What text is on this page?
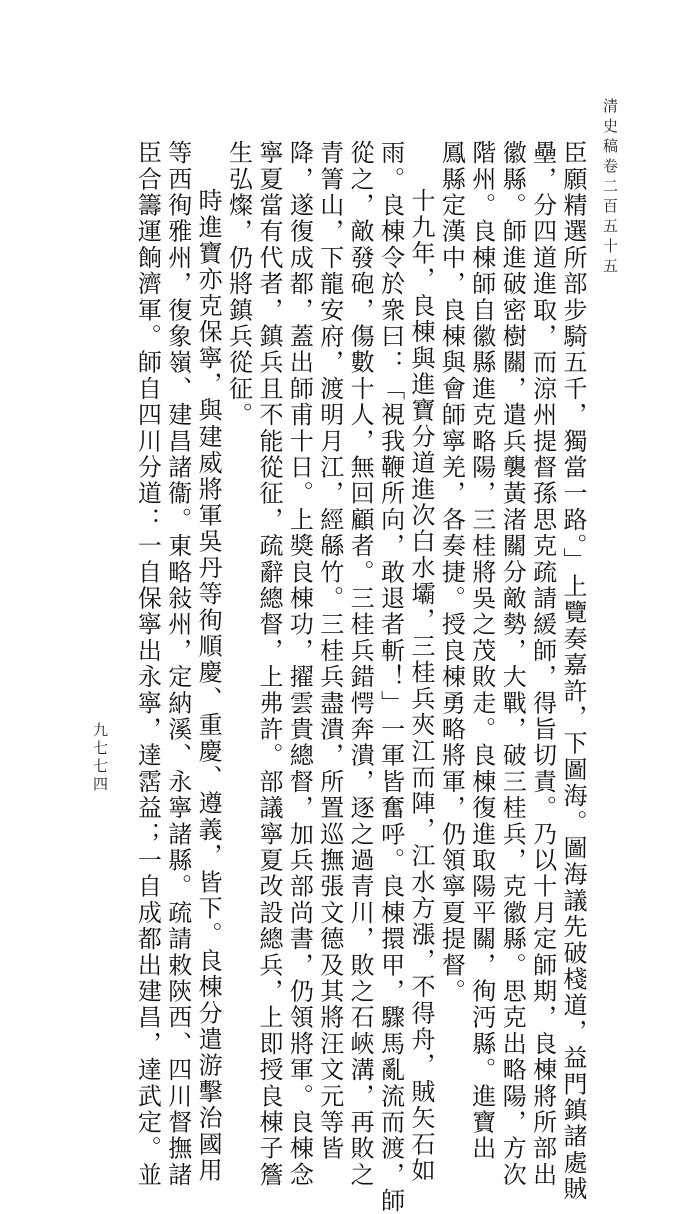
清史稿卷二百五十五
臣願精選所部步騎五千，獨當一路。」上覽奏嘉許，下圖海。圖海議先破棧道，益門鎮諸處賊
壘，分四道進取，而涼州提督孫思克疏請緩師，得旨切責。乃以十月定師期，良棟將所部出
徽縣。師進破密樹關，遣兵襲黃渚關分敵勢，大戰，破三桂兵，克徽縣。思克出略陽，方次
階州。良棟師自徽縣進克略陽，三桂將吳之茂敗走。良棟復進取陽平關，徇沔縣。進寶出
鳳縣定漢中，良棟與會師寧羌，各奏捷。授良棟勇略將軍，仍領寧夏提督。
十九年，良棟與進寶分道進次白水壩，三桂兵夾江而陣，江水方漲，不得舟，賊矢石如
雨。良棟令於衆曰：「視我鞭所向，敢退者斬！」一軍皆奮呼。良棟擐甲，驟馬亂流而渡，師
從之，敵發砲，傷數十人，無回顧者。三桂兵錯愕奔潰，逐之過青川，敗之石峽溝，再敗之
青箐山，下龍安府，渡明月江，經緜竹。三桂兵盡潰，所置巡撫張文德及其將汪文元等皆
降，遂復成都，蓋出師甫十日。上獎良棟功，擢雲貴總督，加兵部尚書，仍領將軍。良棟念
寧夏當有代者，鎮兵且不能從征，疏辭總督，上弗許。部議寧夏改設總兵，上即授良棟子簷
生弘燦，仍將鎮兵從征。
時進寶亦克保寧，與建威將軍吳丹等徇順慶、重慶、遵義，皆下。良棟分遣游擊治國用
等西徇雅州，復象嶺、建昌諸衞。東略敍州，定納溪、永寧諸縣。疏請敕陝西、四川督撫諸
臣合籌運餉濟軍。師自四川分道：一自保寧出永寧，達霑益；一自成都出建昌，達武定。並
九七七四
